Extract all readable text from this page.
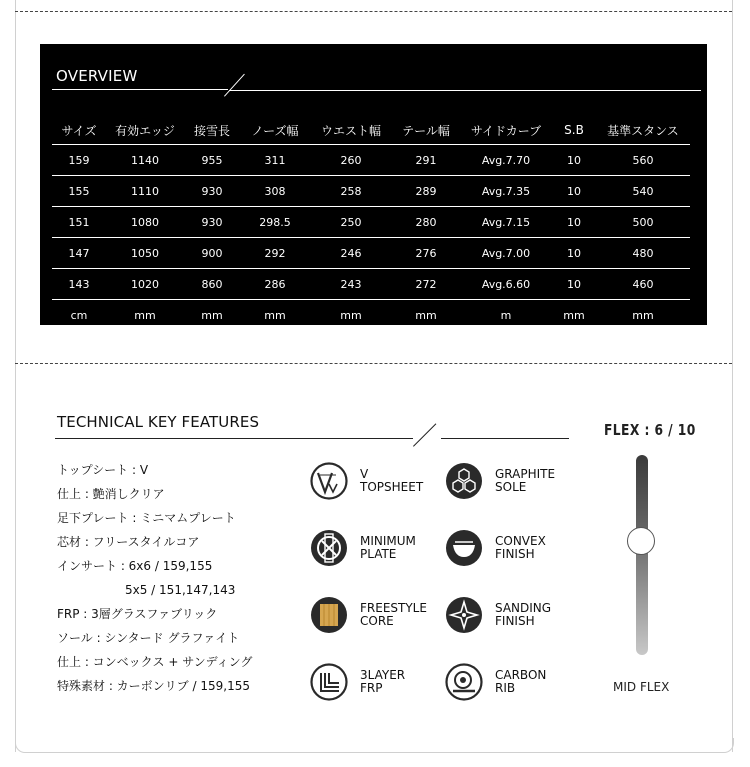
OVERVIEW
サイズ	有効エッジ	接雪長	ノーズ幅	ウエスト幅	テール幅	サイドカーブ	S.B	基準スタンス
159	1140	955	311	260	291	Avg.7.70	10	560
155	1110	930	308	258	289	Avg.7.35	10	540
151	1080	930	298.5	250	280	Avg.7.15	10	500
147	1050	900	292	246	276	Avg.7.00	10	480
143	1020	860	286	243	272	Avg.6.60	10	460
cm	mm	mm	mm	mm	mm	m	mm	mm
TECHNICAL KEY FEATURES
トップシート : V
仕上 : 艶消しクリア
足下プレート : ミニマムプレート
芯材 : フリースタイルコア
インサート : 6x6 / 159,155
5x5 / 151,147,143
FRP : 3層グラスファブリック
ソール : シンタード グラファイト
仕上 : コンベックス + サンディング
特殊素材 : カーボンリブ / 159,155
V
TOPSHEET
GRAPHITE
SOLE
MINIMUM
PLATE
CONVEX
FINISH
FREESTYLE
CORE
SANDING
FINISH
3LAYER
FRP
CARBON
RIB
FLEX : 6 / 10
MID FLEX
